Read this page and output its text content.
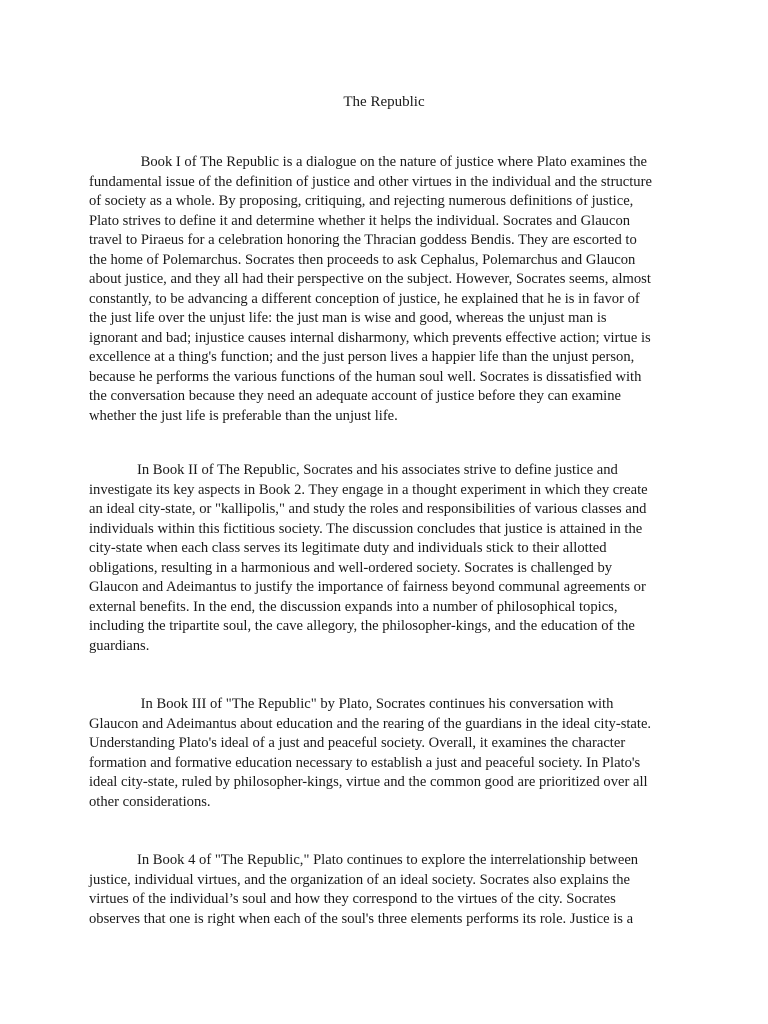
The Republic

Book I of The Republic is a dialogue on the nature of justice where Plato examines the
fundamental issue of the definition of justice and other virtues in the individual and the structure
of society as a whole. By proposing, critiquing, and rejecting numerous definitions of justice,
Plato strives to define it and determine whether it helps the individual. Socrates and Glaucon
travel to Piraeus for a celebration honoring the Thracian goddess Bendis. They are escorted to
the home of Polemarchus. Socrates then proceeds to ask Cephalus, Polemarchus and Glaucon
about justice, and they all had their perspective on the subject. However, Socrates seems, almost
constantly, to be advancing a different conception of justice, he explained that he is in favor of
the just life over the unjust life: the just man is wise and good, whereas the unjust man is
ignorant and bad; injustice causes internal disharmony, which prevents effective action; virtue is
excellence at a thing's function; and the just person lives a happier life than the unjust person,
because he performs the various functions of the human soul well. Socrates is dissatisfied with
the conversation because they need an adequate account of justice before they can examine
whether the just life is preferable than the unjust life.

In Book II of The Republic, Socrates and his associates strive to define justice and
investigate its key aspects in Book 2. They engage in a thought experiment in which they create
an ideal city-state, or "kallipolis," and study the roles and responsibilities of various classes and
individuals within this fictitious society. The discussion concludes that justice is attained in the
city-state when each class serves its legitimate duty and individuals stick to their allotted
obligations, resulting in a harmonious and well-ordered society. Socrates is challenged by
Glaucon and Adeimantus to justify the importance of fairness beyond communal agreements or
external benefits. In the end, the discussion expands into a number of philosophical topics,
including the tripartite soul, the cave allegory, the philosopher-kings, and the education of the
guardians.

In Book III of "The Republic" by Plato, Socrates continues his conversation with
Glaucon and Adeimantus about education and the rearing of the guardians in the ideal city-state.
Understanding Plato's ideal of a just and peaceful society. Overall, it examines the character
formation and formative education necessary to establish a just and peaceful society. In Plato's
ideal city-state, ruled by philosopher-kings, virtue and the common good are prioritized over all
other considerations.

In Book 4 of "The Republic," Plato continues to explore the interrelationship between
justice, individual virtues, and the organization of an ideal society. Socrates also explains the
virtues of the individual’s soul and how they correspond to the virtues of the city. Socrates
observes that one is right when each of the soul's three elements performs its role. Justice is a
